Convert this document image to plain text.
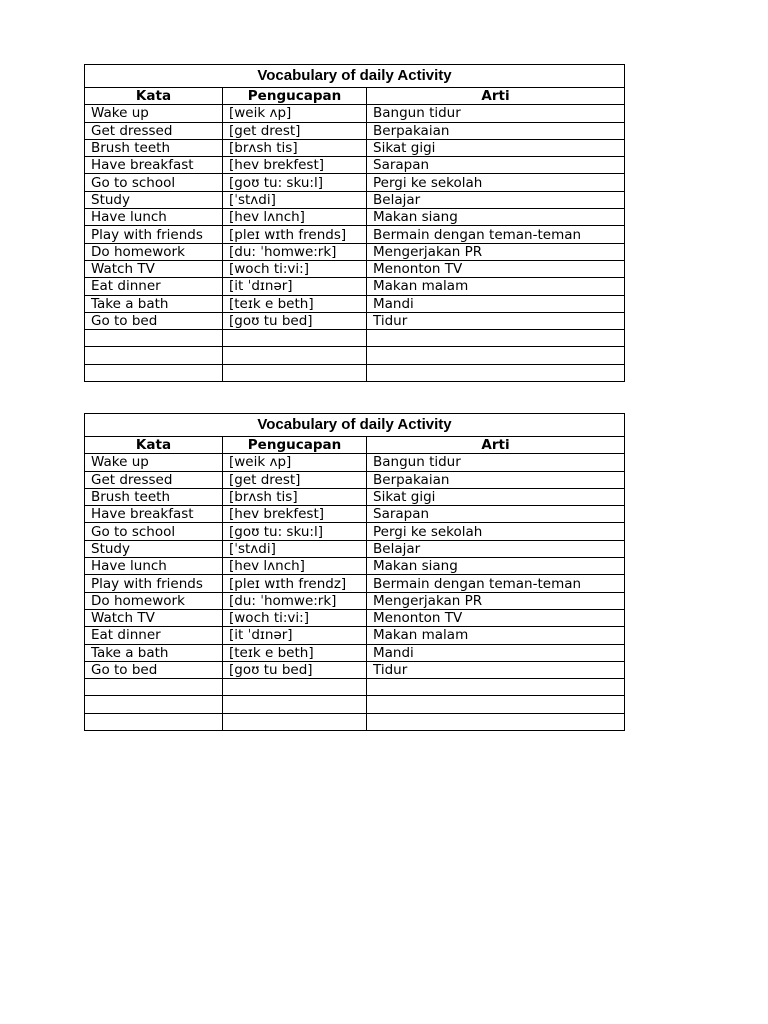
Vocabulary of daily Activity		
Kata	Pengucapan	Arti
Wake up	[weik ʌp]	Bangun tidur
Get dressed	[get drest]	Berpakaian
Brush teeth	[brʌsh tis]	Sikat gigi
Have breakfast	[hev brekfest]	Sarapan
Go to school	[goʊ tu: sku:l]	Pergi ke sekolah
Study	[ˈstʌdi]	Belajar
Have lunch	[hev lʌnch]	Makan siang
Play with friends	[pleɪ wɪth frends]	Bermain dengan teman-teman
Do homework	[du: ˈhomwe:rk]	Mengerjakan PR
Watch TV	[woch ti:vi:]	Menonton TV
Eat dinner	[it ˈdɪnər]	Makan malam
Take a bath	[teɪk e beth]	Mandi
Go to bed	[goʊ tu bed]	Tidur

Vocabulary of daily Activity		
Kata	Pengucapan	Arti
Wake up	[weik ʌp]	Bangun tidur
Get dressed	[get drest]	Berpakaian
Brush teeth	[brʌsh tis]	Sikat gigi
Have breakfast	[hev brekfest]	Sarapan
Go to school	[goʊ tu: sku:l]	Pergi ke sekolah
Study	[ˈstʌdi]	Belajar
Have lunch	[hev lʌnch]	Makan siang
Play with friends	[pleɪ wɪth frendz]	Bermain dengan teman-teman
Do homework	[du: ˈhomwe:rk]	Mengerjakan PR
Watch TV	[woch ti:vi:]	Menonton TV
Eat dinner	[it ˈdɪnər]	Makan malam
Take a bath	[teɪk e beth]	Mandi
Go to bed	[goʊ tu bed]	Tidur
